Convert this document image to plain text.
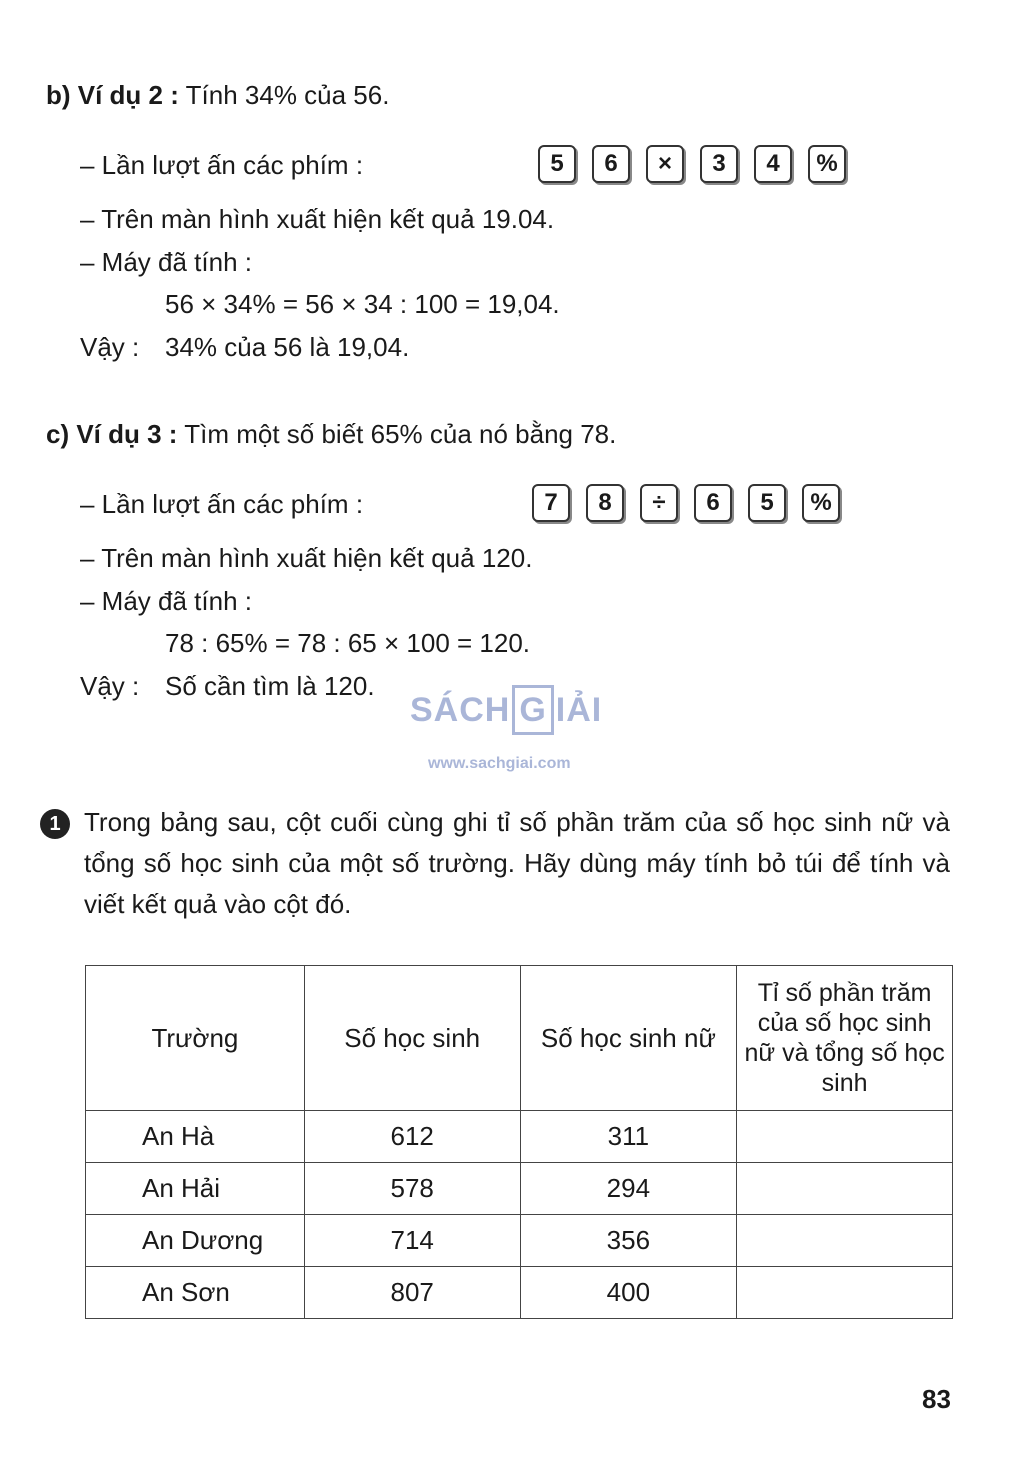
b) Ví dụ 2 : Tính 34% của 56.
– Lần lượt ấn các phím :	5	6	×	3	4	%
– Trên màn hình xuất hiện kết quả 19.04.
– Máy đã tính :
56 × 34% = 56 × 34 : 100 = 19,04.
Vậy : 34% của 56 là 19,04.
c) Ví dụ 3 : Tìm một số biết 65% của nó bằng 78.
– Lần lượt ấn các phím :	7	8	÷	6	5	%
– Trên màn hình xuất hiện kết quả 120.
– Máy đã tính :
78 : 65% = 78 : 65 × 100 = 120.
Vậy : Số cần tìm là 120.
SÁCH G IẢI
www.sachgiai.com
1 Trong bảng sau, cột cuối cùng ghi tỉ số phần trăm của số học sinh nữ và tổng số học sinh của một số trường. Hãy dùng máy tính bỏ túi để tính và viết kết quả vào cột đó.
Trường	Số học sinh	Số học sinh nữ	Tỉ số phần trăm của số học sinh nữ và tổng số học sinh
An Hà	612	311	
An Hải	578	294	
An Dương	714	356	
An Sơn	807	400	
83
